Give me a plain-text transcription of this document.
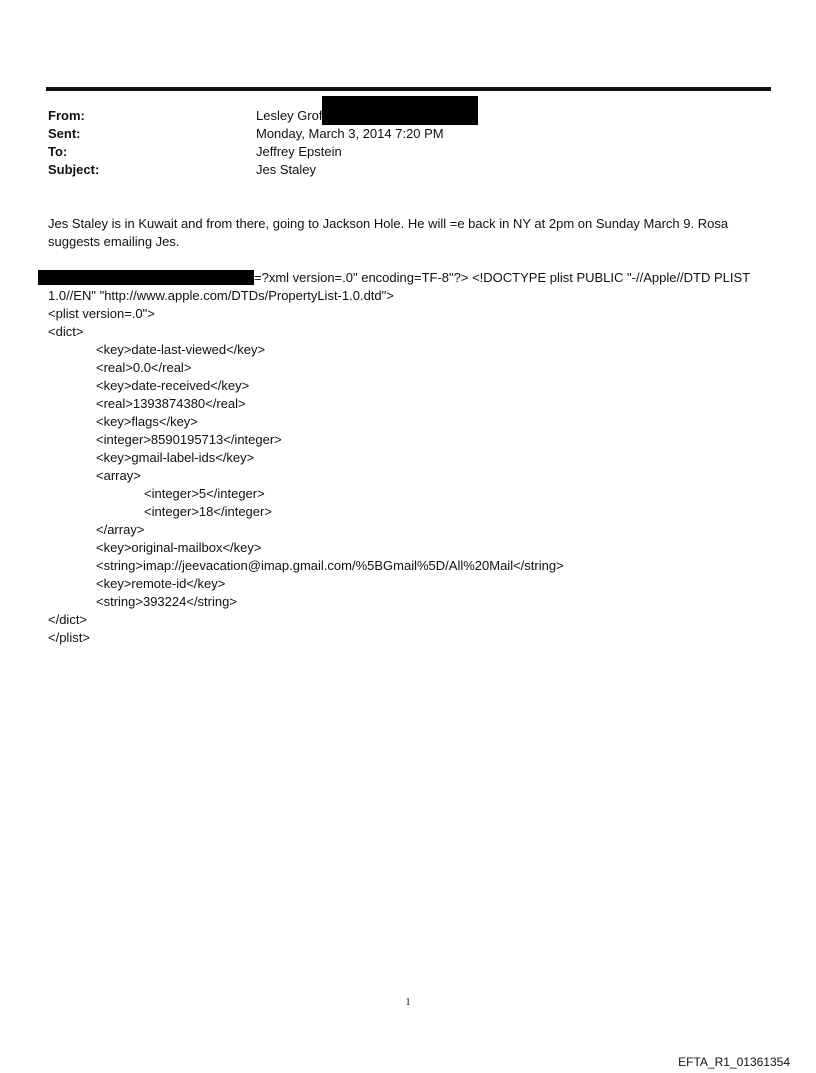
From:	Lesley Grof
Sent:	Monday, March 3, 2014 7:20 PM
To:	Jeffrey Epstein
Subject:	Jes Staley
Jes Staley is in Kuwait and from there, going to Jackson Hole. He will =e back in NY at 2pm on Sunday March 9. Rosa
suggests emailing Jes.
=?xml version=.0" encoding=TF-8"?> <!DOCTYPE plist PUBLIC "-//Apple//DTD PLIST
1.0//EN" "http://www.apple.com/DTDs/PropertyList-1.0.dtd">
<plist version=.0">
<dict>
<key>date-last-viewed</key>
<real>0.0</real>
<key>date-received</key>
<real>1393874380</real>
<key>flags</key>
<integer>8590195713</integer>
<key>gmail-label-ids</key>
<array>
<integer>5</integer>
<integer>18</integer>
</array>
<key>original-mailbox</key>
<string>imap://jeevacation@imap.gmail.com/%5BGmail%5D/All%20Mail</string>
<key>remote-id</key>
<string>393224</string>
</dict>
</plist>
1
EFTA_R1_01361354
